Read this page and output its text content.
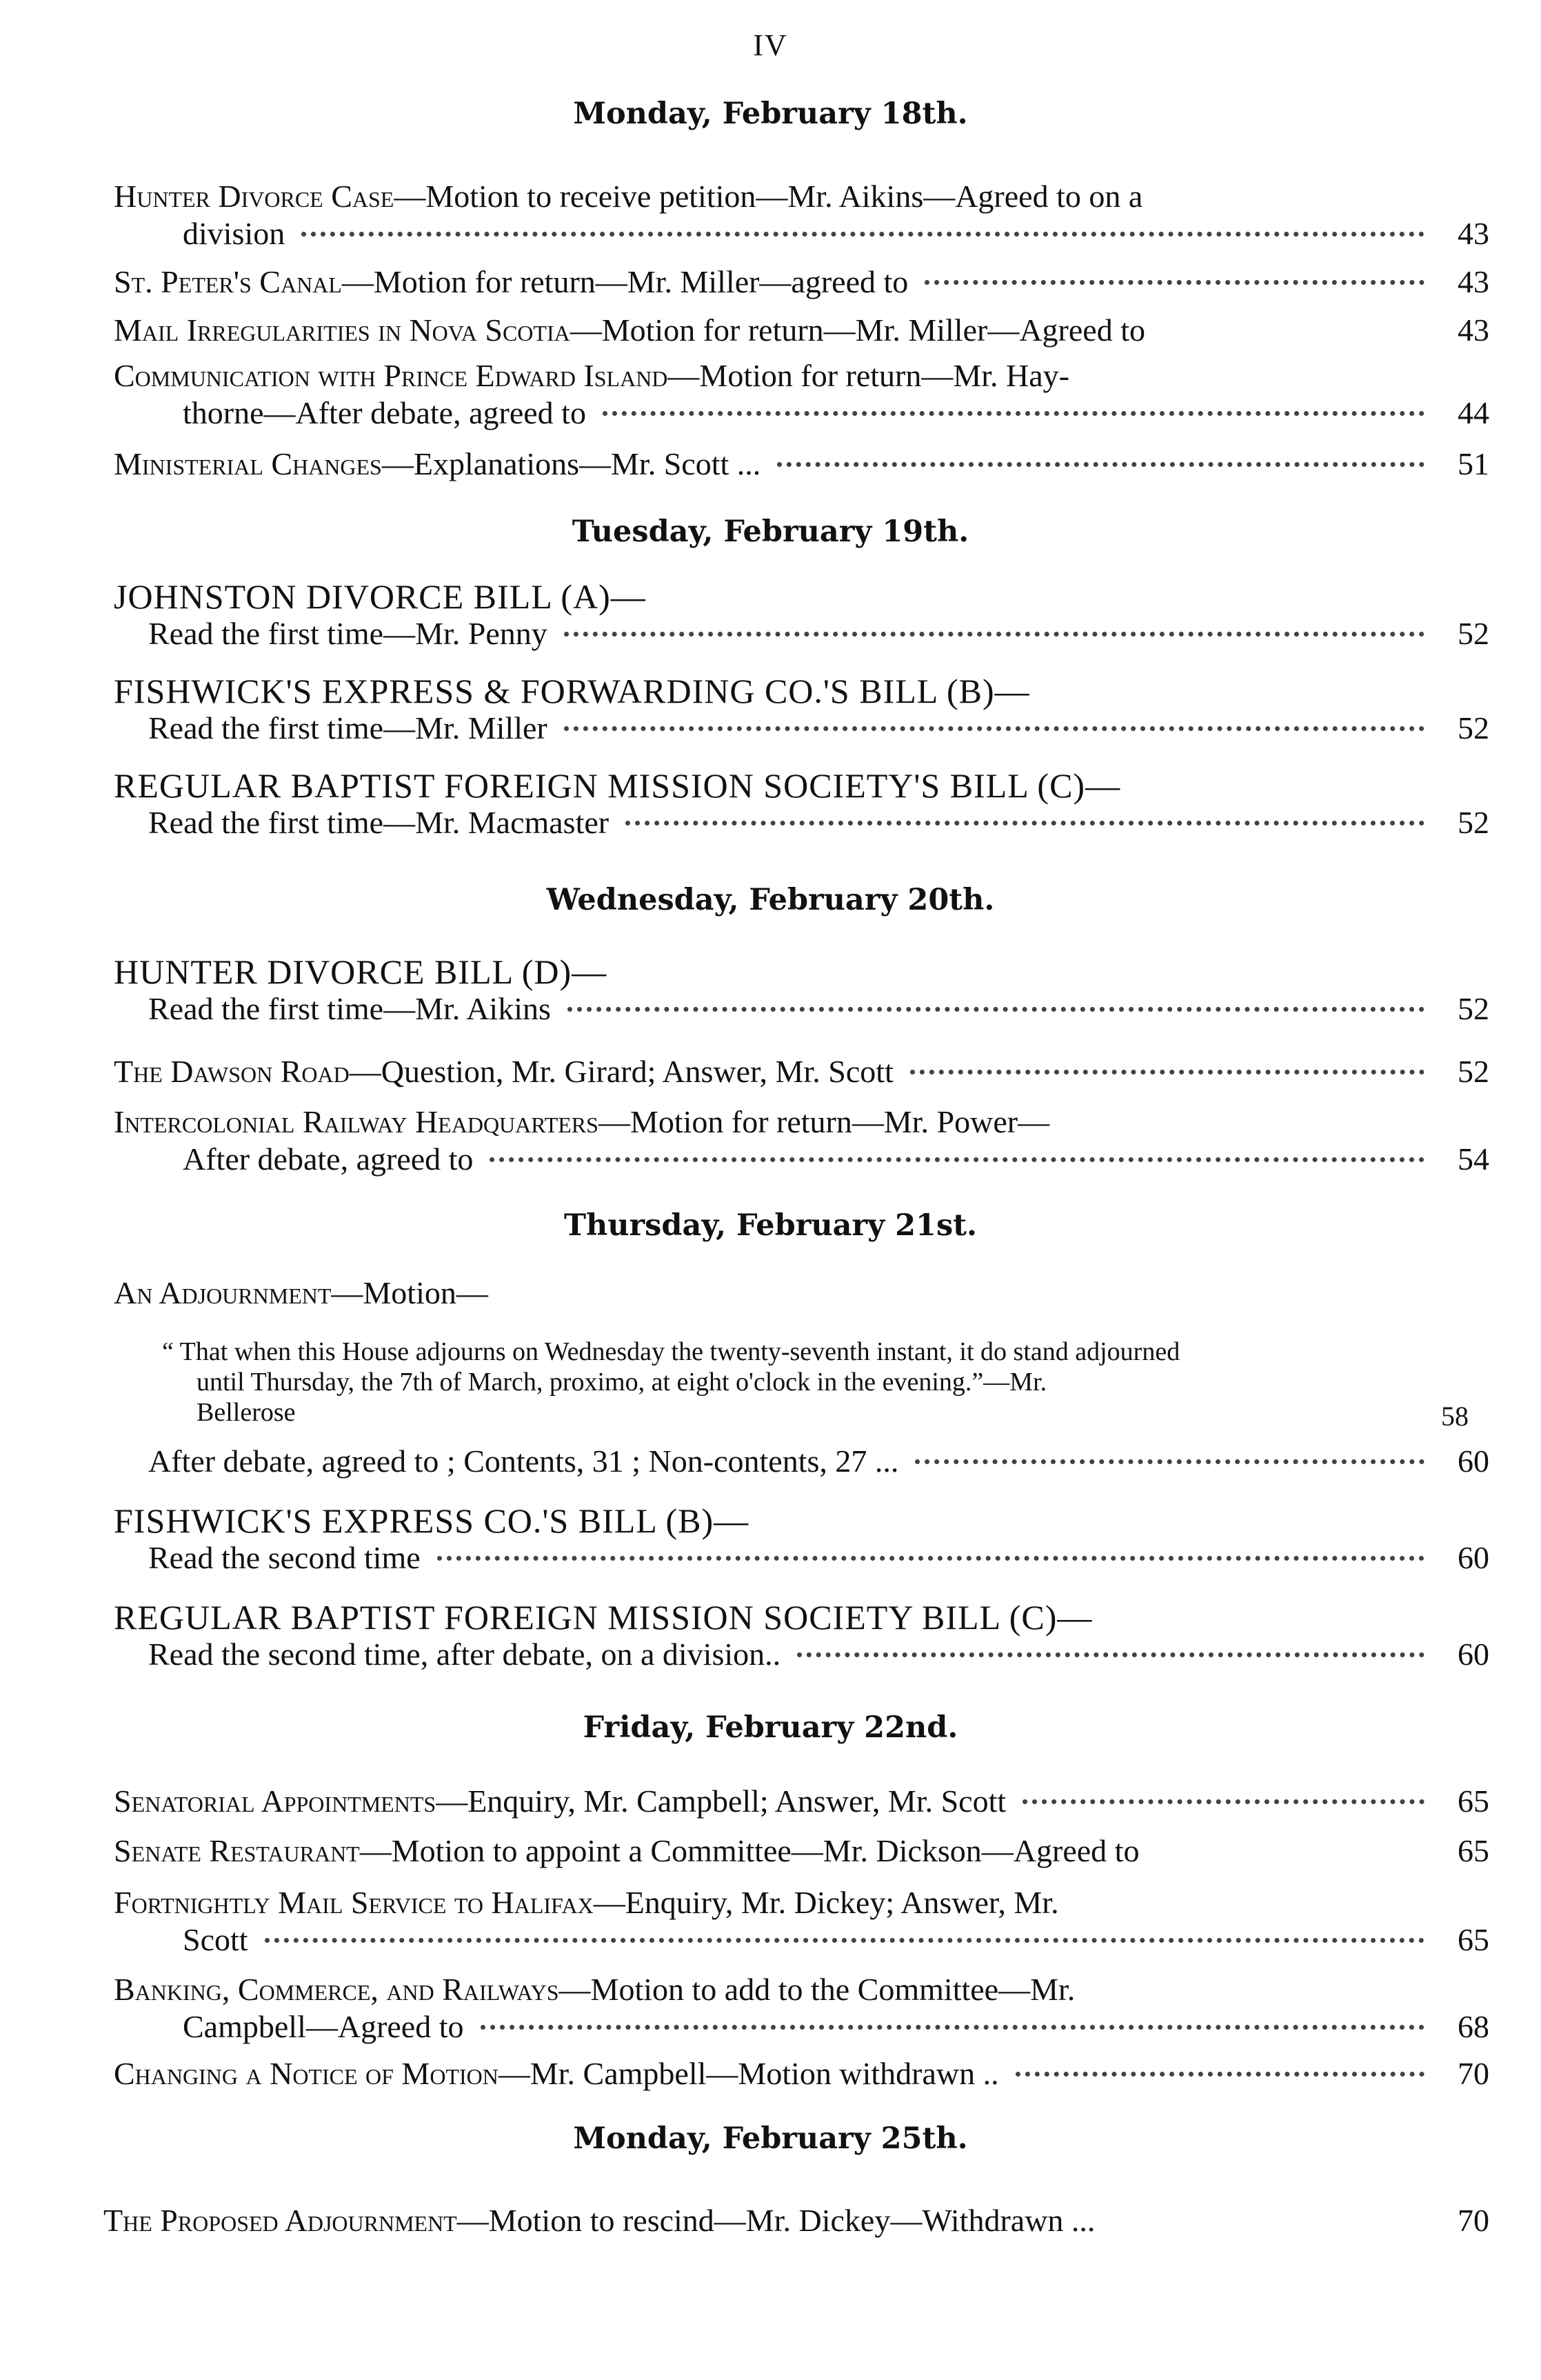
IV
Monday, February 18th.
Hunter Divorce Case—Motion to receive petition—Mr. Aikins—Agreed to on a
division	43
St. Peter's Canal—Motion for return—Mr. Miller—agreed to	43
Mail Irregularities in Nova Scotia—Motion for return—Mr. Miller—Agreed to	43
Communication with Prince Edward Island—Motion for return—Mr. Hay-
thorne—After debate, agreed to	44
Ministerial Changes—Explanations—Mr. Scott ...	51
Tuesday, February 19th.
JOHNSTON DIVORCE BILL (A)—
Read the first time—Mr. Penny	52
FISHWICK'S EXPRESS & FORWARDING CO.'S BILL (B)—
Read the first time—Mr. Miller	52
REGULAR BAPTIST FOREIGN MISSION SOCIETY'S BILL (C)—
Read the first time—Mr. Macmaster	52
Wednesday, February 20th.
HUNTER DIVORCE BILL (D)—
Read the first time—Mr. Aikins	52
The Dawson Road—Question, Mr. Girard; Answer, Mr. Scott	52
Intercolonial Railway Headquarters—Motion for return—Mr. Power—
After debate, agreed to	54
Thursday, February 21st.
An Adjournment—Motion—
“ That when this House adjourns on Wednesday the twenty-seventh instant, it do stand adjourned
until Thursday, the 7th of March, proximo, at eight o'clock in the evening.”—Mr.
Bellerose	58
After debate, agreed to ; Contents, 31 ; Non-contents, 27 ...	60
FISHWICK'S EXPRESS CO.'S BILL (B)—
Read the second time	60
REGULAR BAPTIST FOREIGN MISSION SOCIETY BILL (C)—
Read the second time, after debate, on a division..	60
Friday, February 22nd.
Senatorial Appointments—Enquiry, Mr. Campbell; Answer, Mr. Scott	65
Senate Restaurant—Motion to appoint a Committee—Mr. Dickson—Agreed to	65
Fortnightly Mail Service to Halifax—Enquiry, Mr. Dickey; Answer, Mr.
Scott	65
Banking, Commerce, and Railways—Motion to add to the Committee—Mr.
Campbell—Agreed to	68
Changing a Notice of Motion—Mr. Campbell—Motion withdrawn ..	70
Monday, February 25th.
The Proposed Adjournment—Motion to rescind—Mr. Dickey—Withdrawn ...	70
